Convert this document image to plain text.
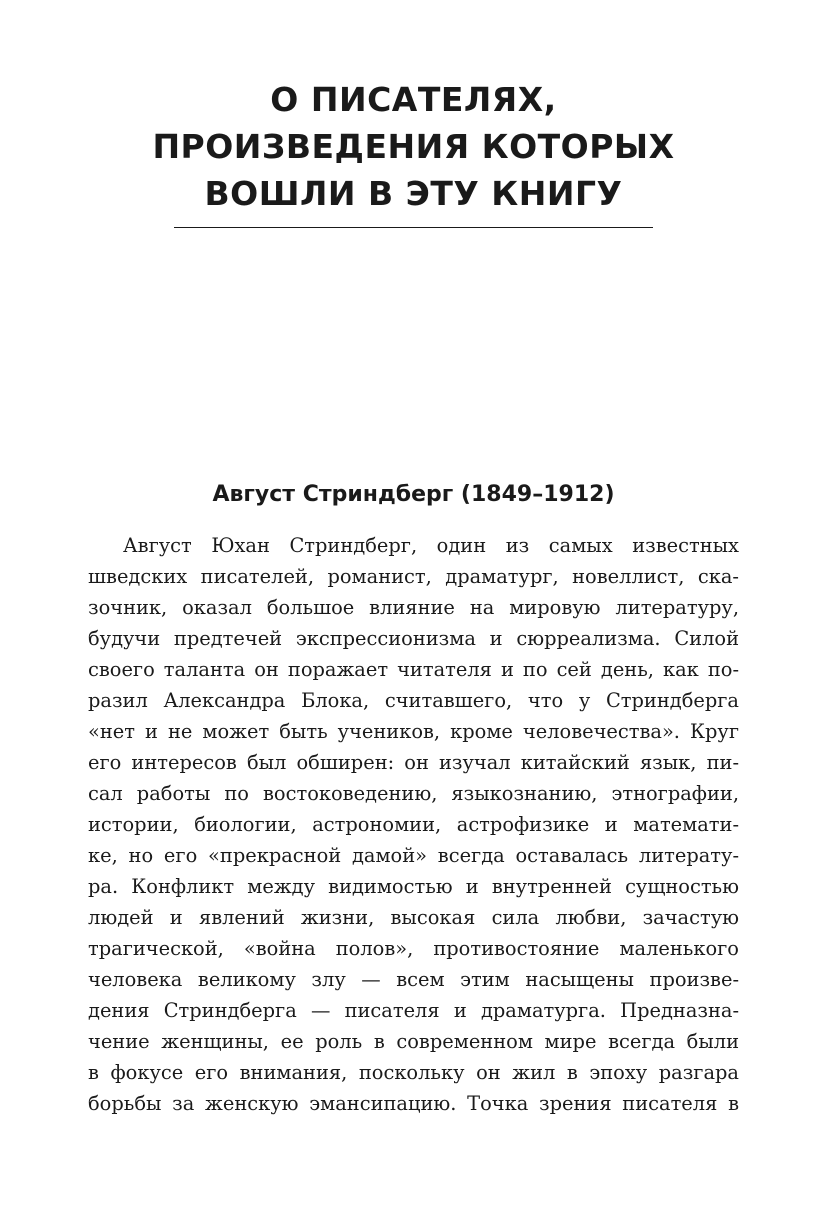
О ПИСАТЕЛЯХ,
ПРОИЗВЕДЕНИЯ КОТОРЫХ
ВОШЛИ В ЭТУ КНИГУ
Август Стриндберг (1849–1912)
Август Юхан Стриндберг, один из самых известных
шведских писателей, романист, драматург, новеллист, ска-
зочник, оказал большое влияние на мировую литературу,
будучи предтечей экспрессионизма и сюрреализма. Силой
своего таланта он поражает читателя и по сей день, как по-
разил Александра Блока, считавшего, что у Стриндберга
«нет и не может быть учеников, кроме человечества». Круг
его интересов был обширен: он изучал китайский язык, пи-
сал работы по востоковедению, языкознанию, этнографии,
истории, биологии, астрономии, астрофизике и математи-
ке, но его «прекрасной дамой» всегда оставалась литерату-
ра. Конфликт между видимостью и внутренней сущностью
людей и явлений жизни, высокая сила любви, зачастую
трагической, «война полов», противостояние маленького
человека великому злу — всем этим насыщены произве-
дения Стриндберга — писателя и драматурга. Предназна-
чение женщины, ее роль в современном мире всегда были
в фокусе его внимания, поскольку он жил в эпоху разгара
борьбы за женскую эмансипацию. Точка зрения писателя в
